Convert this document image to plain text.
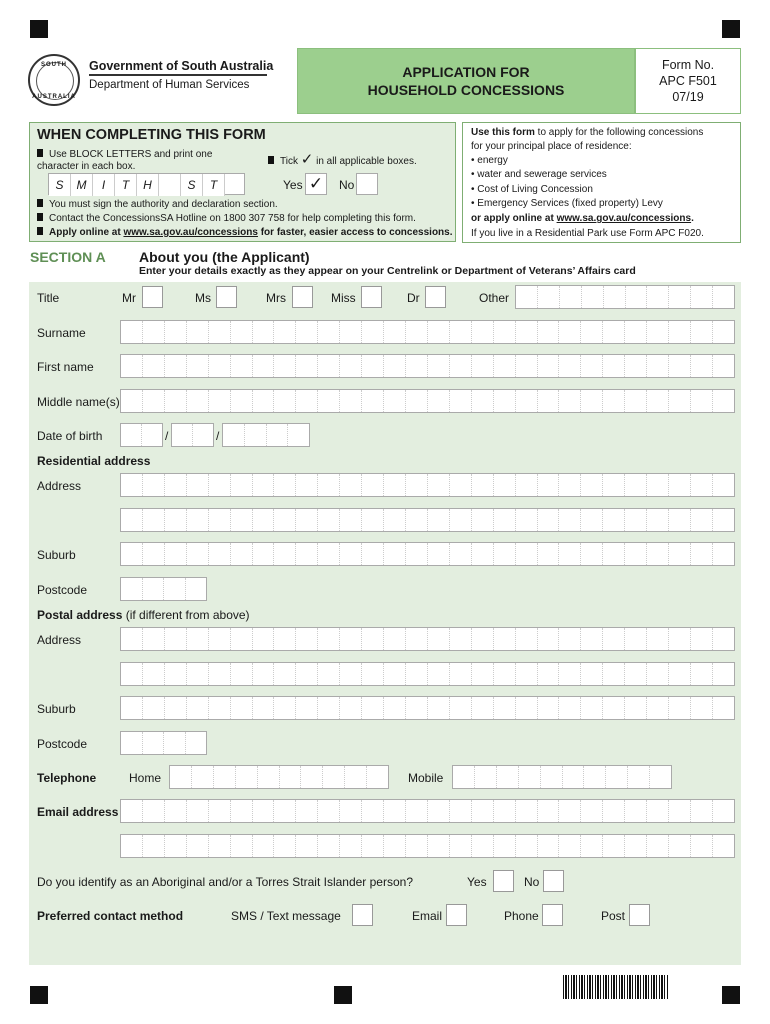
SOUTH
AUSTRALIA
Government of South Australia
Department of Human Services
APPLICATION FOR
HOUSEHOLD CONCESSIONS
Form No.
APC F501
07/19
WHEN COMPLETING THIS FORM
Use BLOCK LETTERS and print one character in each box.	Tick ✓ in all applicable boxes.
S	M	I	T	H	S	T	Yes ✓	No
You must sign the authority and declaration section.
Contact the ConcessionsSA Hotline on 1800 307 758 for help completing this form.
Apply online at www.sa.gov.au/concessions for faster, easier access to concessions.
Use this form to apply for the following concessions
for your principal place of residence:
• energy
• water and sewerage services
• Cost of Living Concession
• Emergency Services (fixed property) Levy
or apply online at www.sa.gov.au/concessions.
If you live in a Residential Park use Form APC F020.
SECTION A About you (the Applicant)
Enter your details exactly as they appear on your Centrelink or Department of Veterans’ Affairs card
Title	Mr	Ms	Mrs	Miss	Dr	Other
Surname
First name
Middle name(s)
Date of birth	/	/
Residential address
Address
Suburb
Postcode
Postal address (if different from above)
Address
Suburb
Postcode
Telephone	Home	Mobile
Email address
Do you identify as an Aboriginal and/or a Torres Strait Islander person?	Yes	No
Preferred contact method	SMS / Text message	Email	Phone	Post
